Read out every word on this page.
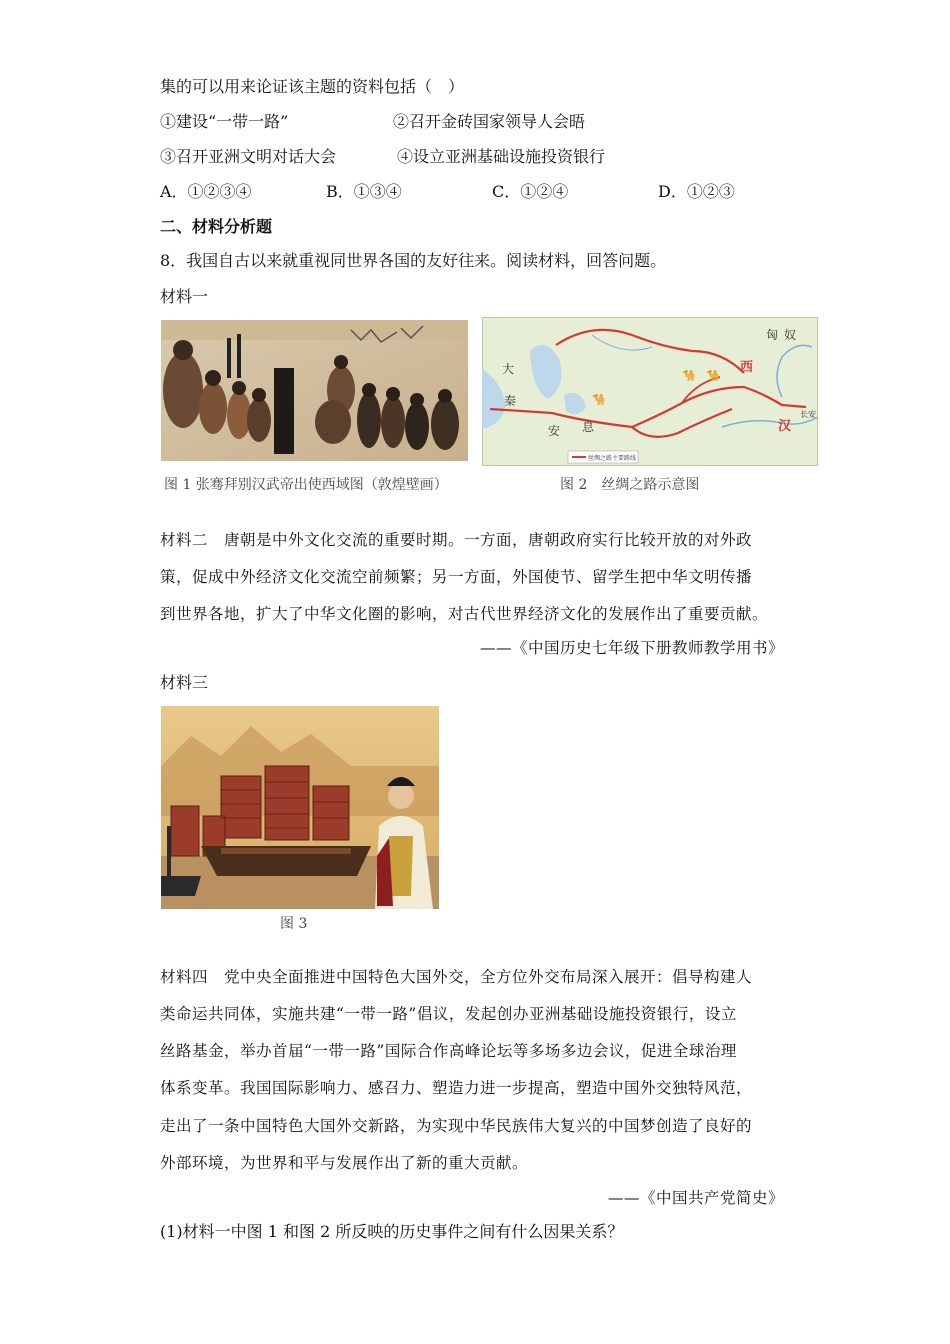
集的可以用来论证该主题的资料包括（　）
①建设“一带一路”	②召开金砖国家领导人会晤
③召开亚洲文明对话大会	④设立亚洲基础设施投资银行
A．①②③④	B．①③④	C．①②④	D．①②③
二、材料分析题
8．我国自古以来就重视同世界各国的友好往来。阅读材料，回答问题。
材料一
🐪
🐪 🐪
匈 奴
西
汉
大
秦
安 息
长安
丝绸之路主要路线
图 1 张骞拜别汉武帝出使西域图（敦煌壁画）	图 2　丝绸之路示意图
材料二　唐朝是中外文化交流的重要时期。一方面，唐朝政府实行比较开放的对外政
策，促成中外经济文化交流空前频繁；另一方面，外国使节、留学生把中华文明传播
到世界各地，扩大了中华文化圈的影响，对古代世界经济文化的发展作出了重要贡献。
——《中国历史七年级下册教师教学用书》
材料三
图 3
材料四　党中央全面推进中国特色大国外交，全方位外交布局深入展开：倡导构建人
类命运共同体，实施共建“一带一路”倡议，发起创办亚洲基础设施投资银行，设立
丝路基金，举办首届“一带一路”国际合作高峰论坛等多场多边会议，促进全球治理
体系变革。我国国际影响力、感召力、塑造力进一步提高，塑造中国外交独特风范，
走出了一条中国特色大国外交新路，为实现中华民族伟大复兴的中国梦创造了良好的
外部环境，为世界和平与发展作出了新的重大贡献。
——《中国共产党简史》
(1)材料一中图 1 和图 2 所反映的历史事件之间有什么因果关系？
